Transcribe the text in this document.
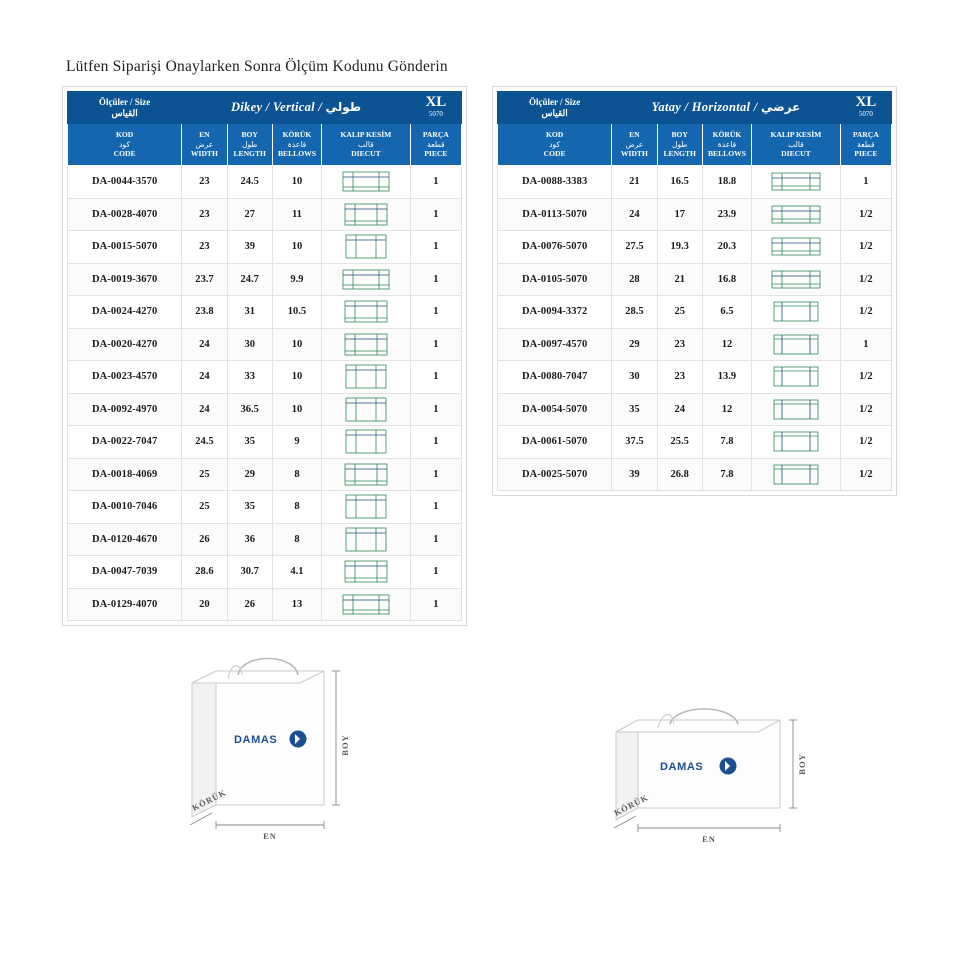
Lütfen Siparişi Onaylarken Sonra Ölçüm Kodunu Gönderin
Ölçüler / Size
القياس	Dikey / Vertical / طولي	XL
5070

KOD
كود
CODE

EN
عرض
WIDTH

BOY
طول
LENGTH

KÖRÜK
قاعدة
BELLOWS

KALIP KESİM
قالب
DIECUT

PARÇA
قطعة
PIECE

DA-0044-3570	23	24.5	10		1
DA-0028-4070	23	27	11		1
DA-0015-5070	23	39	10		1
DA-0019-3670	23.7	24.7	9.9		1
DA-0024-4270	23.8	31	10.5		1
DA-0020-4270	24	30	10		1
DA-0023-4570	24	33	10		1
DA-0092-4970	24	36.5	10		1
DA-0022-7047	24.5	35	9		1
DA-0018-4069	25	29	8		1
DA-0010-7046	25	35	8		1
DA-0120-4670	26	36	8		1
DA-0047-7039	28.6	30.7	4.1		1
DA-0129-4070	20	26	13		1
Ölçüler / Size
القياس	Yatay / Horizontal / عرضي	XL
5070

KOD
كود
CODE

EN
عرض
WIDTH

BOY
طول
LENGTH

KÖRÜK
قاعدة
BELLOWS

KALIP KESİM
قالب
DIECUT

PARÇA
قطعة
PIECE

DA-0088-3383	21	16.5	18.8		1
DA-0113-5070	24	17	23.9		1/2
DA-0076-5070	27.5	19.3	20.3		1/2
DA-0105-5070	28	21	16.8		1/2
DA-0094-3372	28.5	25	6.5		1/2
DA-0097-4570	29	23	12		1
DA-0080-7047	30	23	13.9		1/2
DA-0054-5070	35	24	12		1/2
DA-0061-5070	37.5	25.5	7.8		1/2
DA-0025-5070	39	26.8	7.8		1/2
DAMAS	BOY
EN
KÖRÜK
DAMAS	BOY
EN
KÖRÜK
